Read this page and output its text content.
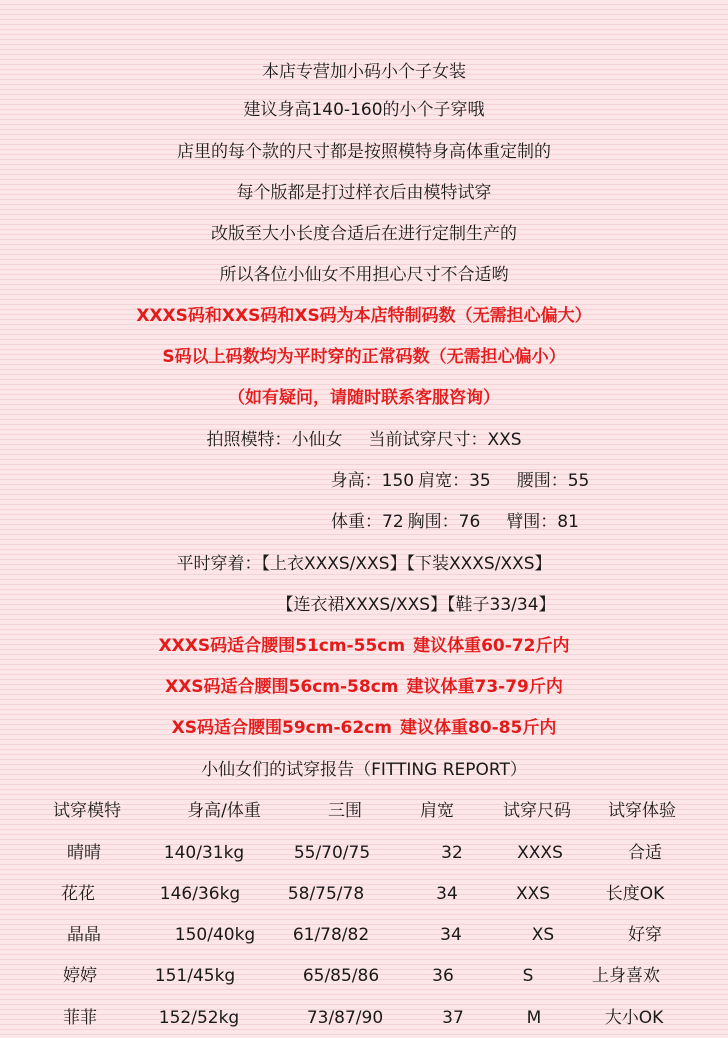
本店专营加小码小个子女装
建议身高140-160的小个子穿哦
店里的每个款的尺寸都是按照模特身高体重定制的
每个版都是打过样衣后由模特试穿
改版至大小长度合适后在进行定制生产的
所以各位小仙女不用担心尺寸不合适哟
XXXS码和XXS码和XS码为本店特制码数（无需担心偏大）
S码以上码数均为平时穿的正常码数（无需担心偏小）
（如有疑问，请随时联系客服咨询）
拍照模特：小仙女 当前试穿尺寸：XXS
身高：150 肩宽：35 腰围：55
体重：72 胸围：76 臂围：81
平时穿着：【上衣XXXS/XXS】【下装XXXS/XXS】
【连衣裙XXXS/XXS】【鞋子33/34】
XXXS码适合腰围51cm-55cm 建议体重60-72斤内
XXS码适合腰围56cm-58cm 建议体重73-79斤内
XS码适合腰围59cm-62cm 建议体重80-85斤内
小仙女们的试穿报告（FITTING REPORT）
试穿模特	身高/体重	三围	肩宽	试穿尺码 试穿体验
晴晴	140/31kg	55/70/75	32	XXXS	合适
花花	146/36kg	58/75/78	34	XXS	长度OK
晶晶	150/40kg 61/78/82	34	XS	好穿
婷婷	151/45kg	65/85/86	36	S	上身喜欢
菲菲	152/52kg	73/87/90	37	M	大小OK
